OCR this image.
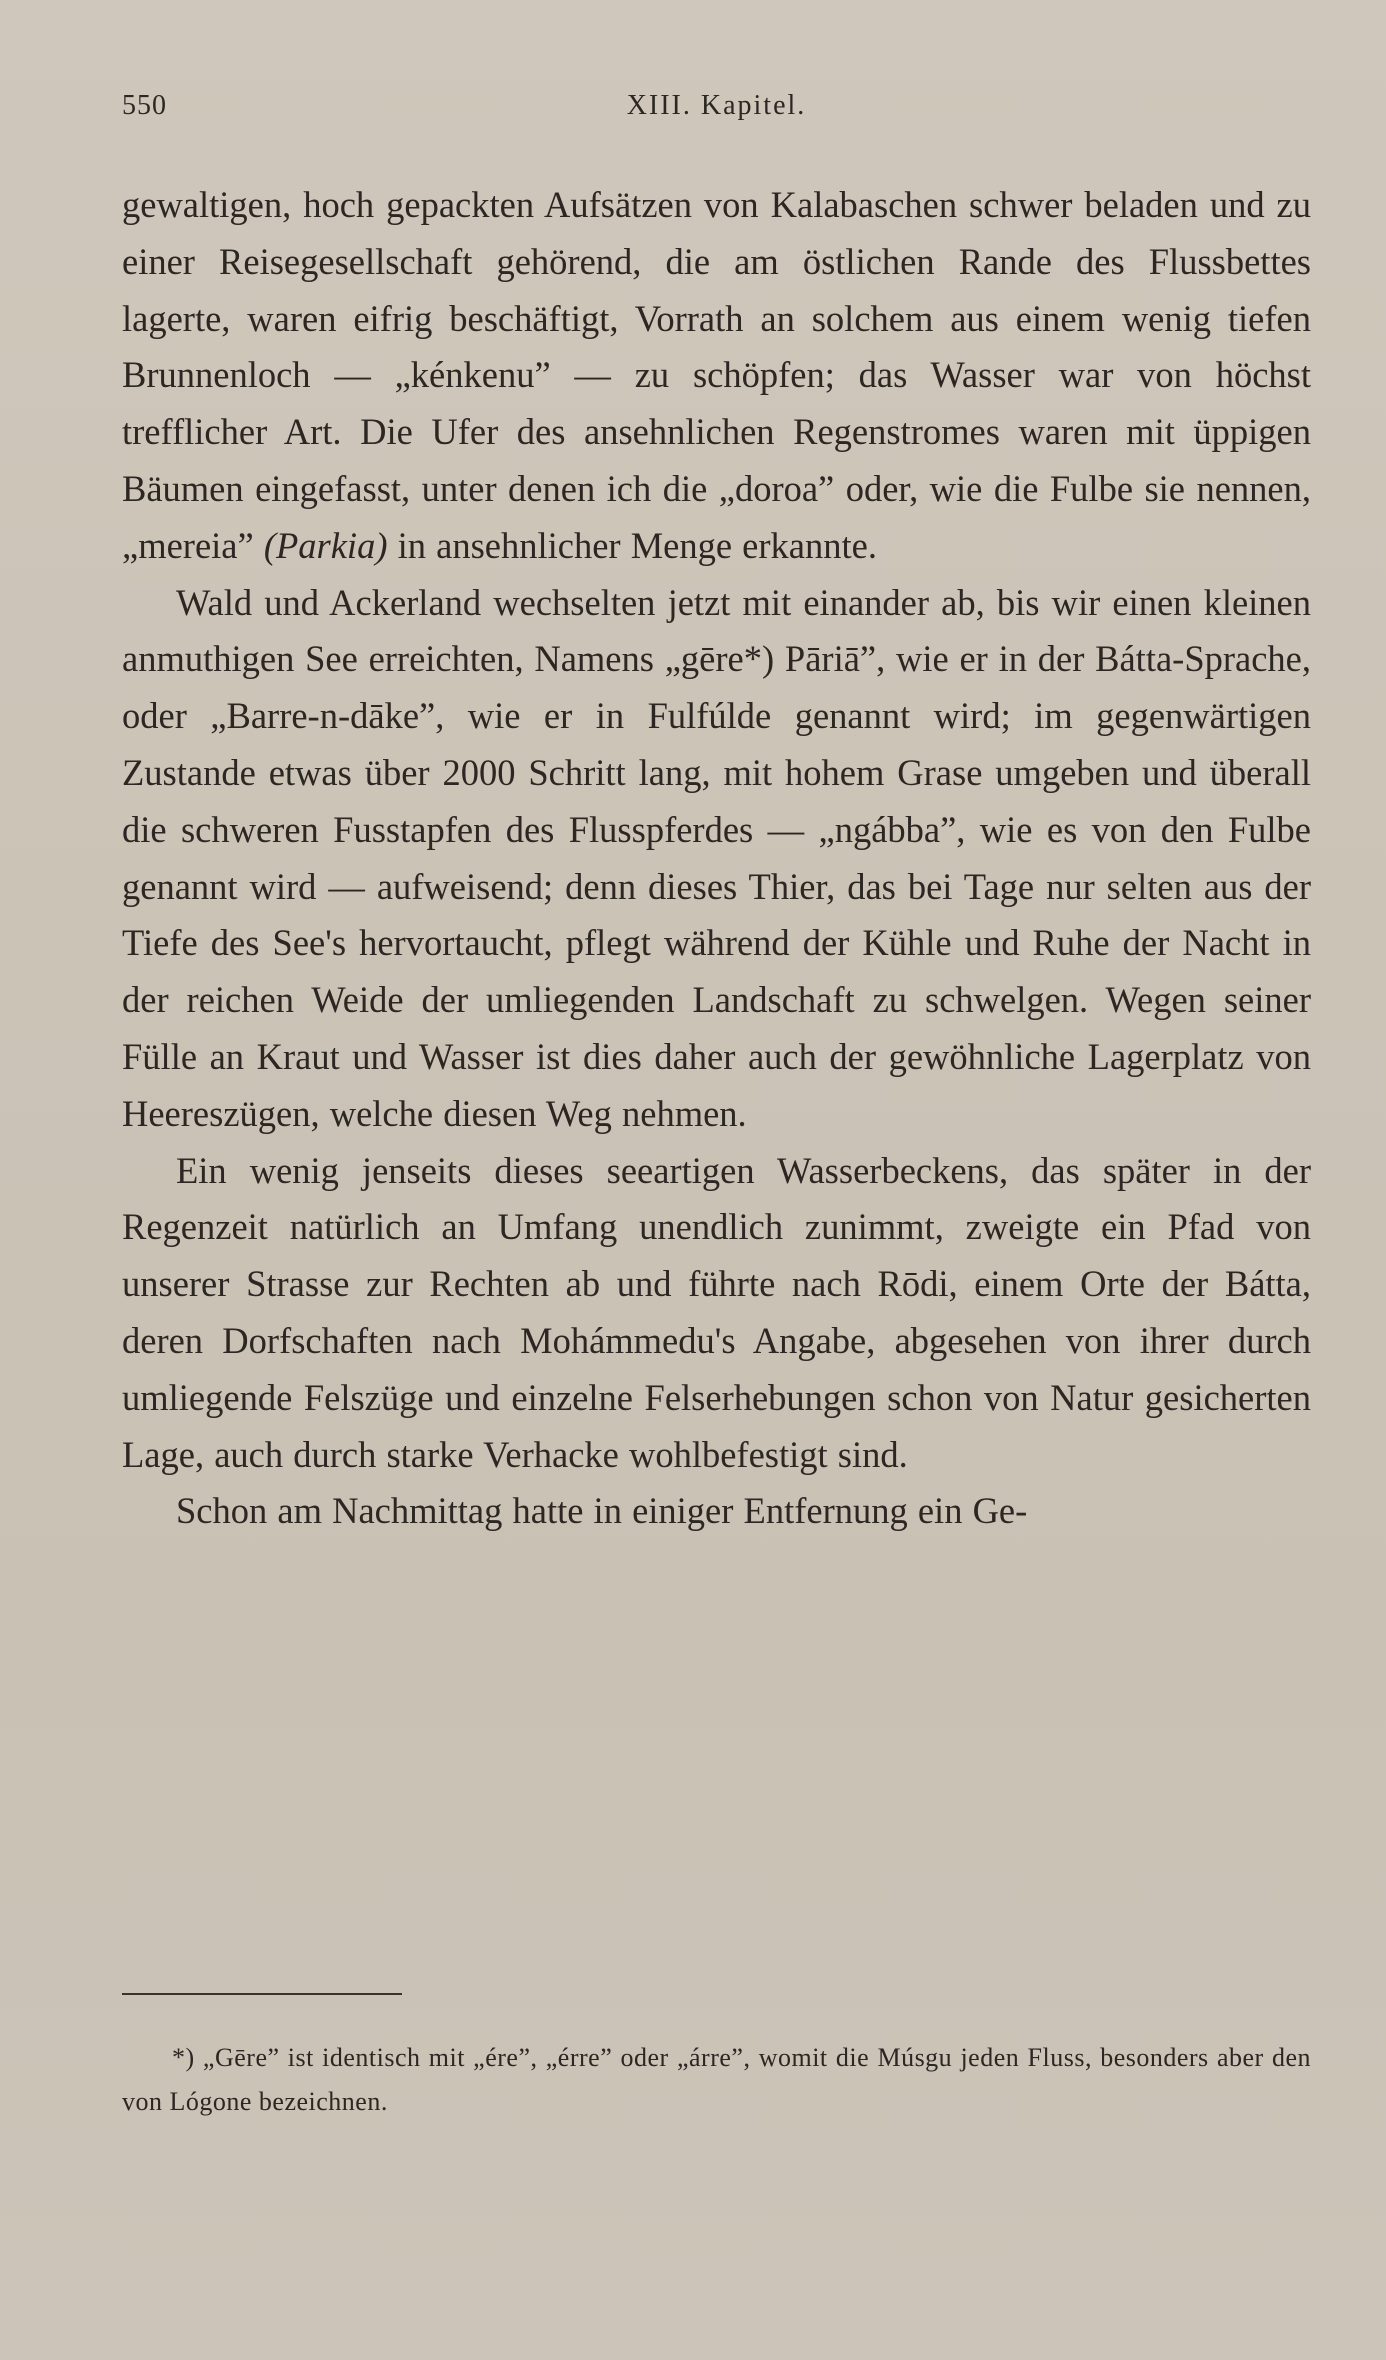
550	XIII. Kapitel.

gewaltigen, hoch gepackten Aufsätzen von Kalabaschen schwer beladen und zu einer Reisegesellschaft gehörend, die am östlichen Rande des Flussbettes lagerte, waren eifrig beschäftigt, Vorrath an solchem aus einem wenig tiefen Brunnenloch — „kénkenu” — zu schöpfen; das Wasser war von höchst trefflicher Art. Die Ufer des ansehnlichen Regenstromes waren mit üppigen Bäumen eingefasst, unter denen ich die „doroa” oder, wie die Fulbe sie nennen, „mereia” (Parkia) in ansehnlicher Menge erkannte.

Wald und Ackerland wechselten jetzt mit einander ab, bis wir einen kleinen anmuthigen See erreichten, Namens „gēre*) Pāriā”, wie er in der Bátta-Sprache, oder „Barre-n-dāke”, wie er in Fulfúlde genannt wird; im gegenwärtigen Zustande etwas über 2000 Schritt lang, mit hohem Grase umgeben und überall die schweren Fusstapfen des Flusspferdes — „ngábba”, wie es von den Fulbe genannt wird — aufweisend; denn dieses Thier, das bei Tage nur selten aus der Tiefe des See's hervortaucht, pflegt während der Kühle und Ruhe der Nacht in der reichen Weide der umliegenden Landschaft zu schwelgen. Wegen seiner Fülle an Kraut und Wasser ist dies daher auch der gewöhnliche Lagerplatz von Heereszügen, welche diesen Weg nehmen.

Ein wenig jenseits dieses seeartigen Wasserbeckens, das später in der Regenzeit natürlich an Umfang unendlich zunimmt, zweigte ein Pfad von unserer Strasse zur Rechten ab und führte nach Rōdi, einem Orte der Bátta, deren Dorfschaften nach Mohámmedu's Angabe, abgesehen von ihrer durch umliegende Felszüge und einzelne Felserhebungen schon von Natur gesicherten Lage, auch durch starke Verhacke wohlbefestigt sind.

Schon am Nachmittag hatte in einiger Entfernung ein Ge-

*) „Gēre” ist identisch mit „ére”, „érre” oder „árre”, womit die Músgu jeden Fluss, besonders aber den von Lógone bezeichnen.
